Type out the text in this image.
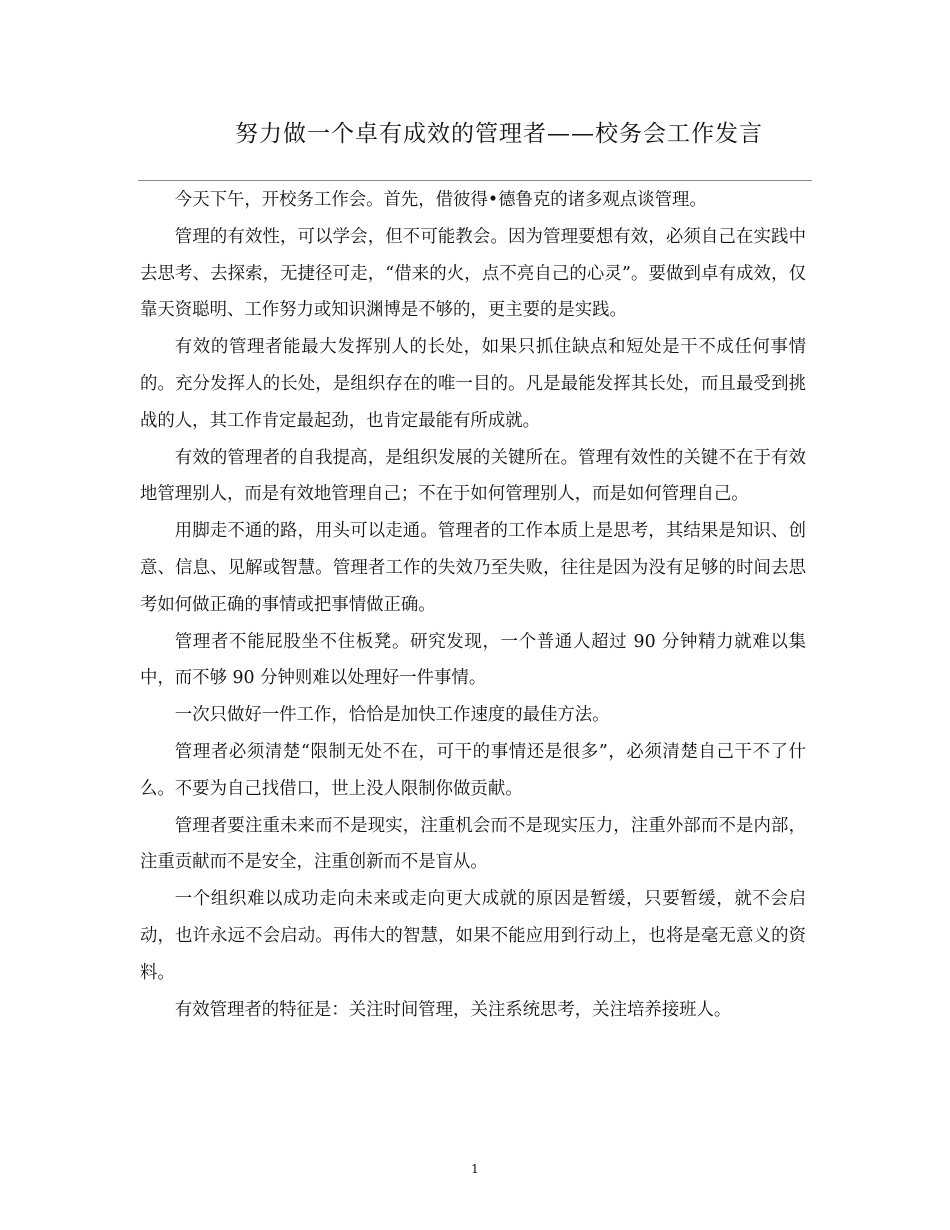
努力做一个卓有成效的管理者——校务会工作发言

今天下午，开校务工作会。首先，借彼得•德鲁克的诸多观点谈管理。

管理的有效性，可以学会，但不可能教会。因为管理要想有效，必须自己在实践中去思考、去探索，无捷径可走，“借来的火，点不亮自己的心灵”。要做到卓有成效，仅靠天资聪明、工作努力或知识渊博是不够的，更主要的是实践。

有效的管理者能最大发挥别人的长处，如果只抓住缺点和短处是干不成任何事情的。充分发挥人的长处，是组织存在的唯一目的。凡是最能发挥其长处，而且最受到挑战的人，其工作肯定最起劲，也肯定最能有所成就。

有效的管理者的自我提高，是组织发展的关键所在。管理有效性的关键不在于有效地管理别人，而是有效地管理自己；不在于如何管理别人，而是如何管理自己。

用脚走不通的路，用头可以走通。管理者的工作本质上是思考，其结果是知识、创意、信息、见解或智慧。管理者工作的失效乃至失败，往往是因为没有足够的时间去思考如何做正确的事情或把事情做正确。

管理者不能屁股坐不住板凳。研究发现，一个普通人超过 90 分钟精力就难以集中，而不够 90 分钟则难以处理好一件事情。

一次只做好一件工作，恰恰是加快工作速度的最佳方法。

管理者必须清楚“限制无处不在，可干的事情还是很多”，必须清楚自己干不了什么。不要为自己找借口，世上没人限制你做贡献。

管理者要注重未来而不是现实，注重机会而不是现实压力，注重外部而不是内部，注重贡献而不是安全，注重创新而不是盲从。

一个组织难以成功走向未来或走向更大成就的原因是暂缓，只要暂缓，就不会启动，也许永远不会启动。再伟大的智慧，如果不能应用到行动上，也将是毫无意义的资料。

有效管理者的特征是：关注时间管理，关注系统思考，关注培养接班人。

1
